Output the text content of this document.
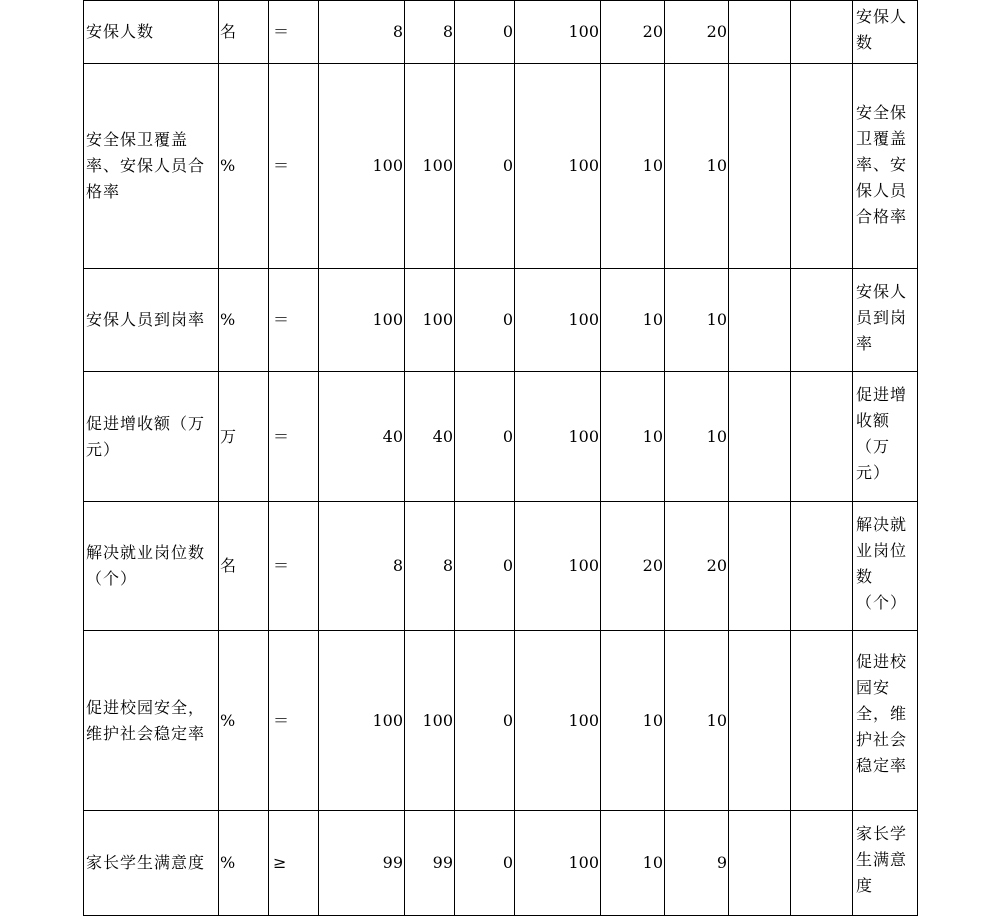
安保人数	名	＝	8	8	0	100	20	20			安保人数
安全保卫覆盖率、安保人员合格率	%	＝	100	100	0	100	10	10			安全保卫覆盖率、安保人员合格率
安保人员到岗率	%	＝	100	100	0	100	10	10			安保人员到岗率
促进增收额（万元）	万	＝	40	40	0	100	10	10			促进增收额（万元）
解决就业岗位数（个）	名	＝	8	8	0	100	20	20			解决就业岗位数（个）
促进校园安全，维护社会稳定率	%	＝	100	100	0	100	10	10			促进校园安全，维护社会稳定率
家长学生满意度	%	≥	99	99	0	100	10	9			家长学生满意度
